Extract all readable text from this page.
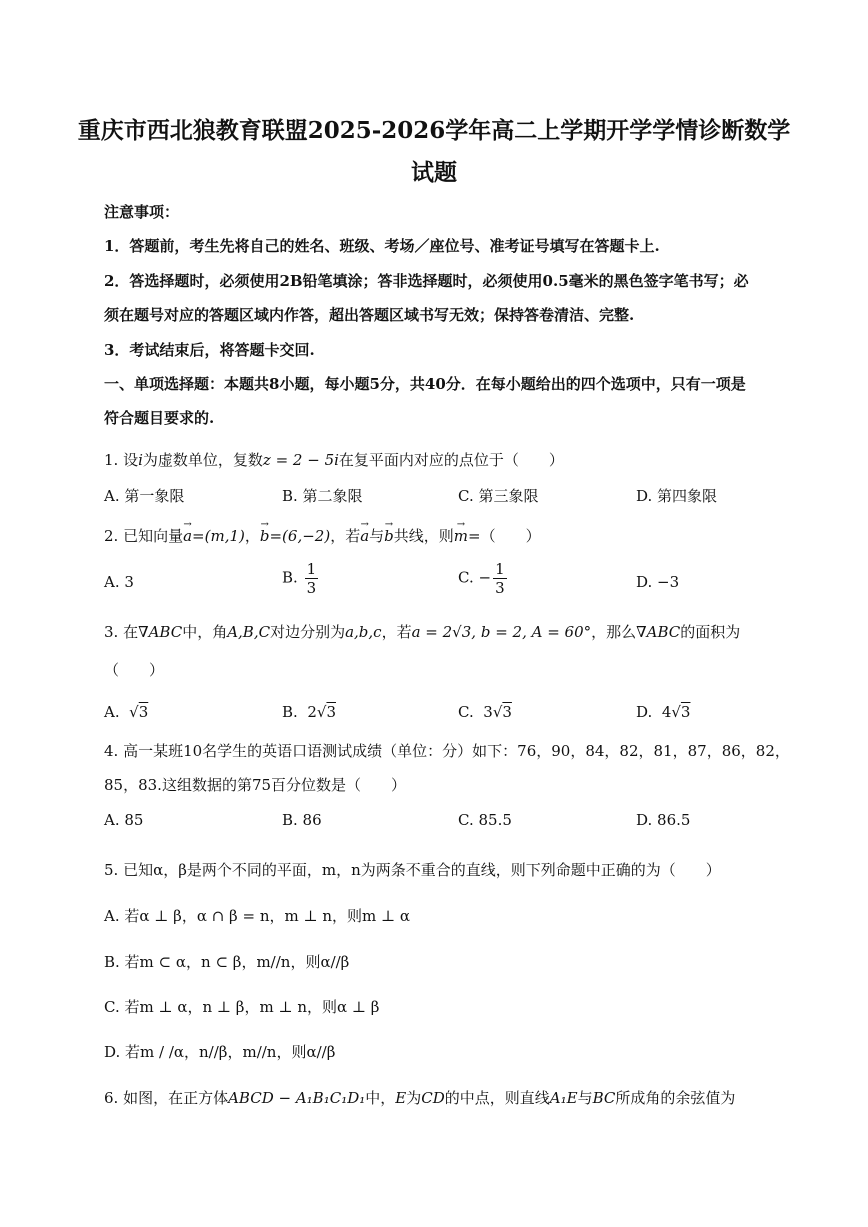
重庆市西北狼教育联盟2025-2026学年高二上学期开学学情诊断数学
试题
注意事项：
1．答题前，考生先将自己的姓名、班级、考场／座位号、准考证号填写在答题卡上.
2．答选择题时，必须使用2B铅笔填涂；答非选择题时，必须使用0.5毫米的黑色签字笔书写；必
须在题号对应的答题区域内作答，超出答题区域书写无效；保持答卷清洁、完整.
3．考试结束后，将答题卡交回.
一、单项选择题：本题共8小题，每小题5分，共40分．在每小题给出的四个选项中，只有一项是
符合题目要求的.
1. 设i为虚数单位，复数z = 2 − 5i在复平面内对应的点位于（　　）
A. 第一象限	B. 第二象限	C. 第三象限	D. 第四象限
2. 已知向量→ a=(m,1)，→ b=(6,−2)，若→ a与→ b共线，则→ m=（　　）
A. 3	B. $\frac{1}{3}$	C. − $\frac{1}{3}$	D. −3
3. 在∇ABC中，角A,B,C对边分别为a,b,c，若a = 2√3, b = 2, A = 60°，那么∇ABC的面积为
（　　）
A. √3	B. 2√3	C. 3√3	D. 4√3
4. 高一某班10名学生的英语口语测试成绩（单位：分）如下：76，90，84，82，81，87，86，82，
85，83.这组数据的第75百分位数是（　　）
A. 85	B. 86	C. 85.5	D. 86.5
5. 已知α，β是两个不同的平面，m，n为两条不重合的直线，则下列命题中正确的为（　　）
A. 若α ⊥ β，α ∩ β = n，m ⊥ n，则m ⊥ α
B. 若m ⊂ α，n ⊂ β，m//n，则α//β
C. 若m ⊥ α，n ⊥ β，m ⊥ n，则α ⊥ β
D. 若m / /α，n//β，m//n，则α//β
6. 如图，在正方体ABCD − A₁B₁C₁D₁中，E为CD的中点，则直线A₁E与BC所成角的余弦值为
